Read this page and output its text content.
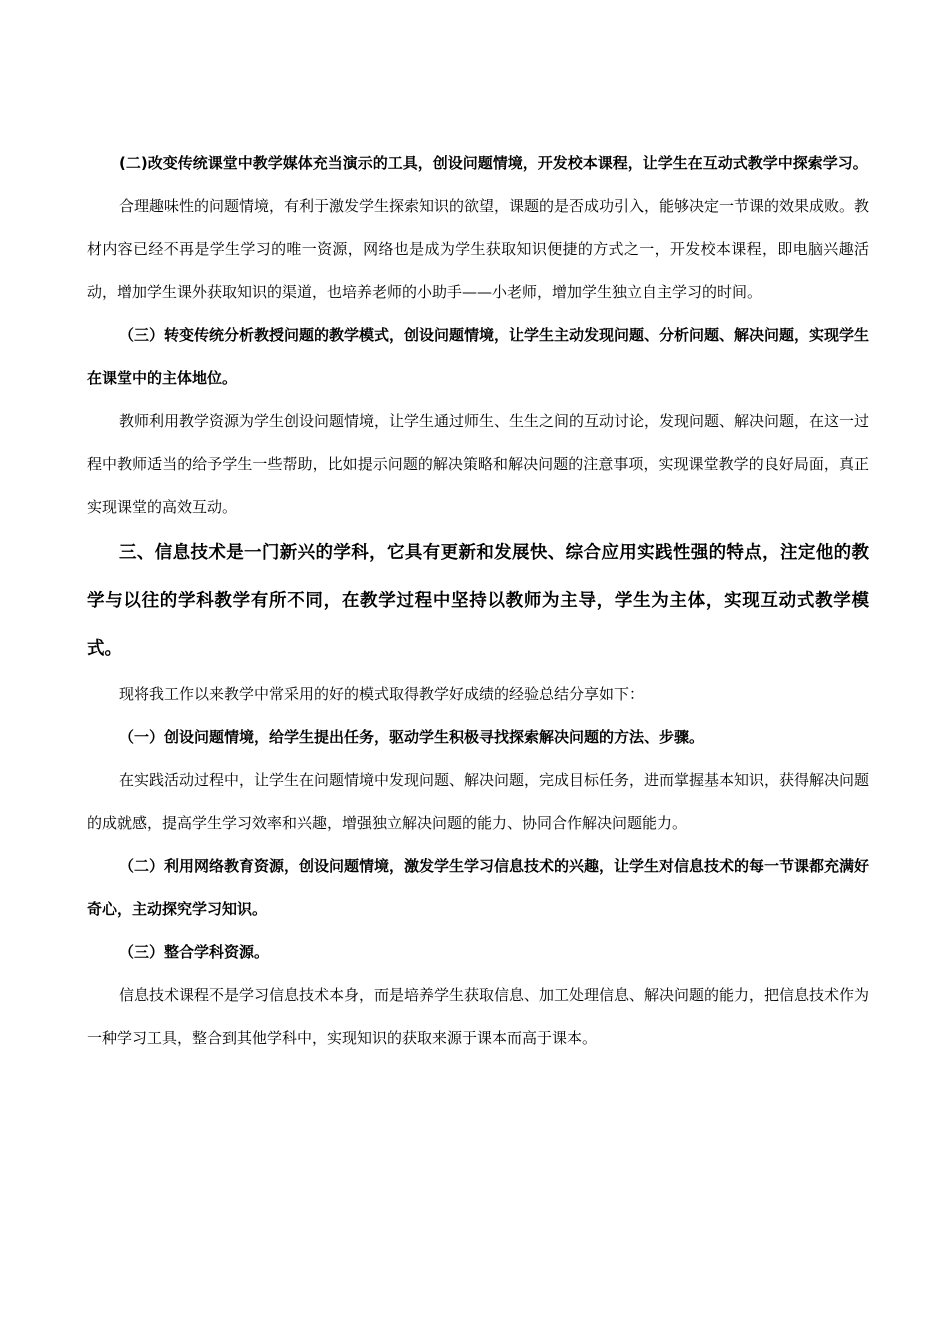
(二)改变传统课堂中教学媒体充当演示的工具，创设问题情境，开发校本课程，让学生在互动式教学中探索学习。

合理趣味性的问题情境，有利于激发学生探索知识的欲望，课题的是否成功引入，能够决定一节课的效果成败。教材内容已经不再是学生学习的唯一资源，网络也是成为学生获取知识便捷的方式之一，开发校本课程，即电脑兴趣活动，增加学生课外获取知识的渠道，也培养老师的小助手——小老师，增加学生独立自主学习的时间。

（三）转变传统分析教授问题的教学模式，创设问题情境，让学生主动发现问题、分析问题、解决问题，实现学生在课堂中的主体地位。

教师利用教学资源为学生创设问题情境，让学生通过师生、生生之间的互动讨论，发现问题、解决问题，在这一过程中教师适当的给予学生一些帮助，比如提示问题的解决策略和解决问题的注意事项，实现课堂教学的良好局面，真正实现课堂的高效互动。

三、信息技术是一门新兴的学科，它具有更新和发展快、综合应用实践性强的特点，注定他的教学与以往的学科教学有所不同，在教学过程中坚持以教师为主导，学生为主体，实现互动式教学模式。

现将我工作以来教学中常采用的好的模式取得教学好成绩的经验总结分享如下：

（一）创设问题情境，给学生提出任务，驱动学生积极寻找探索解决问题的方法、步骤。

在实践活动过程中，让学生在问题情境中发现问题、解决问题，完成目标任务，进而掌握基本知识，获得解决问题的成就感，提高学生学习效率和兴趣，增强独立解决问题的能力、协同合作解决问题能力。

（二）利用网络教育资源，创设问题情境，激发学生学习信息技术的兴趣，让学生对信息技术的每一节课都充满好奇心，主动探究学习知识。

（三）整合学科资源。

信息技术课程不是学习信息技术本身，而是培养学生获取信息、加工处理信息、解决问题的能力，把信息技术作为一种学习工具，整合到其他学科中，实现知识的获取来源于课本而高于课本。
